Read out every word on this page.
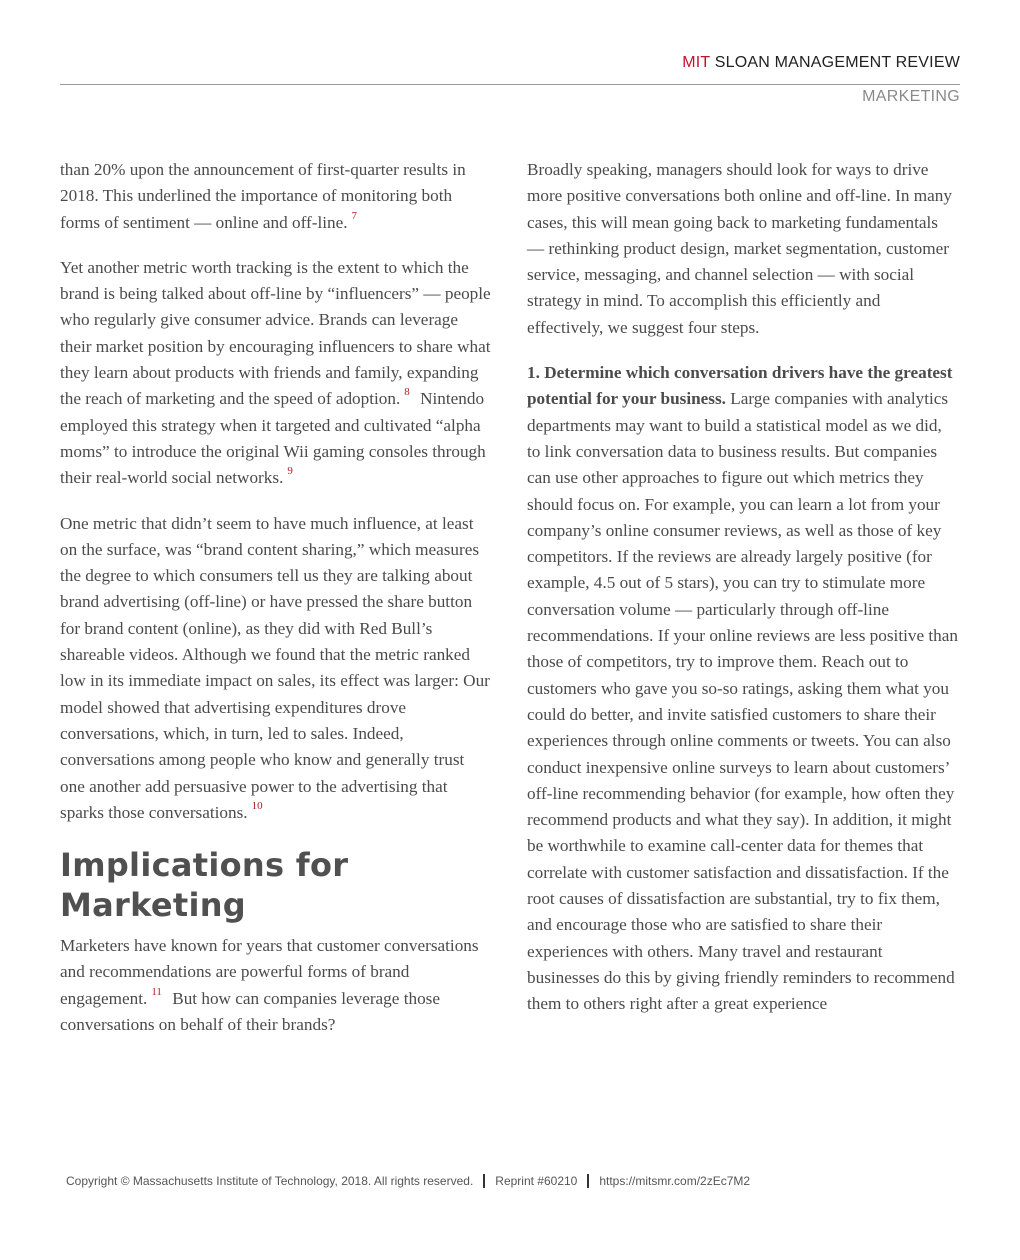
MIT SLOAN MANAGEMENT REVIEW
MARKETING

than 20% upon the announcement of first-quarter results in 2018. This underlined the importance of monitoring both forms of sentiment — online and off-line. $^7$

Yet another metric worth tracking is the extent to which the brand is being talked about off-line by “influencers” — people who regularly give consumer advice. Brands can leverage their market position by encouraging influencers to share what they learn about products with friends and family, expanding the reach of marketing and the speed of adoption. $^8$ Nintendo employed this strategy when it targeted and cultivated “alpha moms” to introduce the original Wii gaming consoles through their real-world social networks. $^9$

One metric that didn’t seem to have much influence, at least on the surface, was “brand content sharing,” which measures the degree to which consumers tell us they are talking about brand advertising (off-line) or have pressed the share button for brand content (online), as they did with Red Bull’s shareable videos. Although we found that the metric ranked low in its immediate impact on sales, its effect was larger: Our model showed that advertising expenditures drove conversations, which, in turn, led to sales. Indeed, conversations among people who know and generally trust one another add persuasive power to the advertising that sparks those conversations. $^{10}$

Implications for Marketing

Marketers have known for years that customer conversations and recommendations are powerful forms of brand engagement. $^{11}$ But how can companies leverage those conversations on behalf of their brands?

Broadly speaking, managers should look for ways to drive more positive conversations both online and off-line. In many cases, this will mean going back to marketing fundamentals — rethinking product design, market segmentation, customer service, messaging, and channel selection — with social strategy in mind. To accomplish this efficiently and effectively, we suggest four steps.

1. Determine which conversation drivers have the greatest potential for your business. Large companies with analytics departments may want to build a statistical model as we did, to link conversation data to business results. But companies can use other approaches to figure out which metrics they should focus on. For example, you can learn a lot from your company’s online consumer reviews, as well as those of key competitors. If the reviews are already largely positive (for example, 4.5 out of 5 stars), you can try to stimulate more conversation volume — particularly through off-line recommendations. If your online reviews are less positive than those of competitors, try to improve them. Reach out to customers who gave you so-so ratings, asking them what you could do better, and invite satisfied customers to share their experiences through online comments or tweets. You can also conduct inexpensive online surveys to learn about customers’ off-line recommending behavior (for example, how often they recommend products and what they say). In addition, it might be worthwhile to examine call-center data for themes that correlate with customer satisfaction and dissatisfaction. If the root causes of dissatisfaction are substantial, try to fix them, and encourage those who are satisfied to share their experiences with others. Many travel and restaurant businesses do this by giving friendly reminders to recommend them to others right after a great experience

Copyright © Massachusetts Institute of Technology, 2018. All rights reserved. Reprint #60210 https://mitsmr.com/2zEc7M2
